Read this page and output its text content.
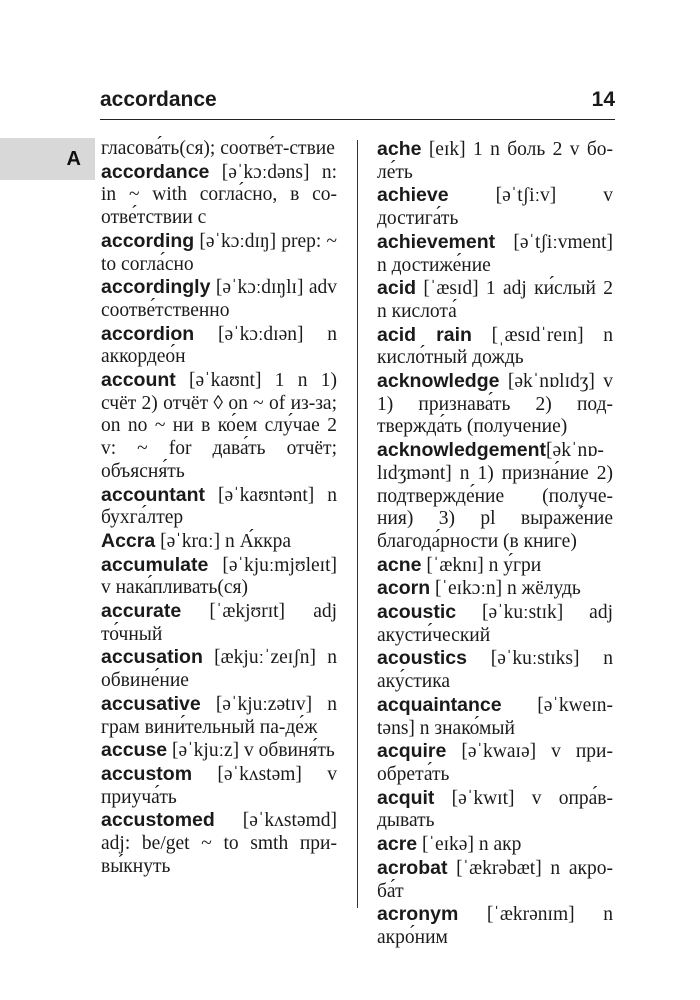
accordance	14
A гласова́ть(ся); соотве́т-ствие

accordance [əˈkɔːdəns] n: in ~ with согла́сно, в со-отве́тствии с

according [əˈkɔːdɪŋ] prep: ~ to согла́сно

accordingly [əˈkɔːdɪŋlɪ] adv соотве́тственно

accordion [əˈkɔːdɪən] n аккордео́н

account [əˈkaʊnt] 1 n 1) счёт 2) отчёт ◊ on ~ of из-за; on no ~ ни в ко́ем слу́чае 2 v: ~ for дава́ть отчёт; объясня́ть

accountant [əˈkaʊntənt] n бухга́лтер

Accra [əˈkrɑː] n А́ккра

accumulate [əˈkjuːmjʊleɪt] v нака́пливать(ся)

accurate [ˈækjʊrɪt] adj то́чный

accusation [ækjuːˈzeɪʃn] n обвине́ние

accusative [əˈkjuːzətɪv] n грам вини́тельный па-де́ж

accuse [əˈkjuːz] v обвиня́ть

accustom [əˈkʌstəm] v приуча́ть

accustomed [əˈkʌstəmd] adj: be/get ~ to smth при-вы́кнуть

ache [eɪk] 1 n боль 2 v бо-ле́ть

achieve [əˈtʃiːv] v достига́ть

achievement [əˈtʃiːvment] n достиже́ние

acid [ˈæsɪd] 1 adj ки́слый 2 n кислота́

acid rain [ˌæsɪdˈreɪn] n кисло́тный дождь

acknowledge [əkˈnɒlɪdʒ] v 1) признава́ть 2) под-твержда́ть (получение)

acknowledgement[əkˈnɒ-lɪdʒmənt] n 1) призна́ние 2) подтвержде́ние (получе-ния) 3) pl выраже́ние благода́рности (в книге)

acne [ˈæknɪ] n у́гри

acorn [ˈeɪkɔːn] n жёлудь

acoustic [əˈkuːstɪk] adj акусти́ческий

acoustics [əˈkuːstɪks] n аку́стика

acquaintance [əˈkweɪn-təns] n знако́мый

acquire [əˈkwaɪə] v при-обрета́ть

acquit [əˈkwɪt] v опра́в-дывать

acre [ˈeɪkə] n акр

acrobat [ˈækrəbæt] n акро-ба́т

acronym [ˈækrənɪm] n акро́ним
